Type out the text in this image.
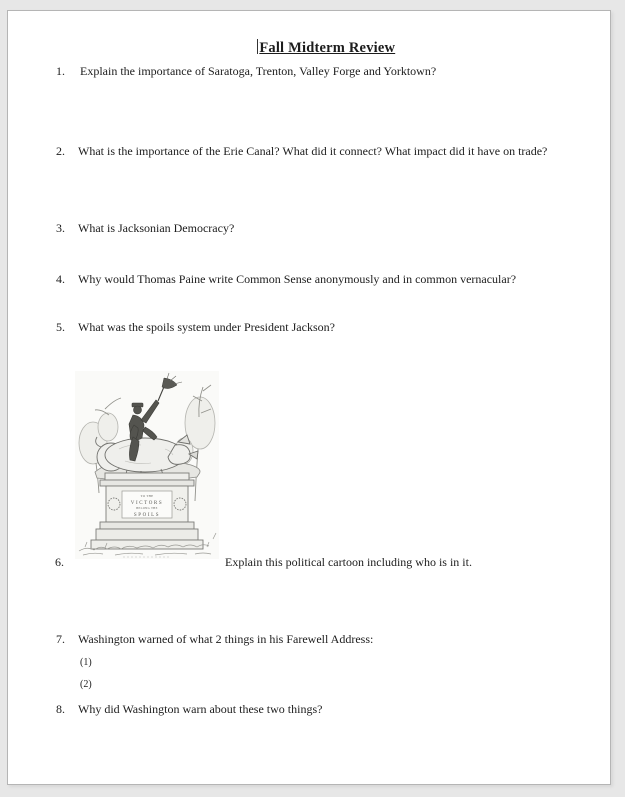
Fall Midterm Review
1. Explain the importance of Saratoga, Trenton, Valley Forge and Yorktown?
2. What is the importance of the Erie Canal? What did it connect? What impact did it have on trade?
3. What is Jacksonian Democracy?
4. Why would Thomas Paine write Common Sense anonymously and in common vernacular?
5. What was the spoils system under President Jackson?
TO THE
VICTORS
BELONG THE
SPOILS
6.	Explain this political cartoon including who is in it.
7. Washington warned of what 2 things in his Farewell Address:
(1)
(2)
8. Why did Washington warn about these two things?
